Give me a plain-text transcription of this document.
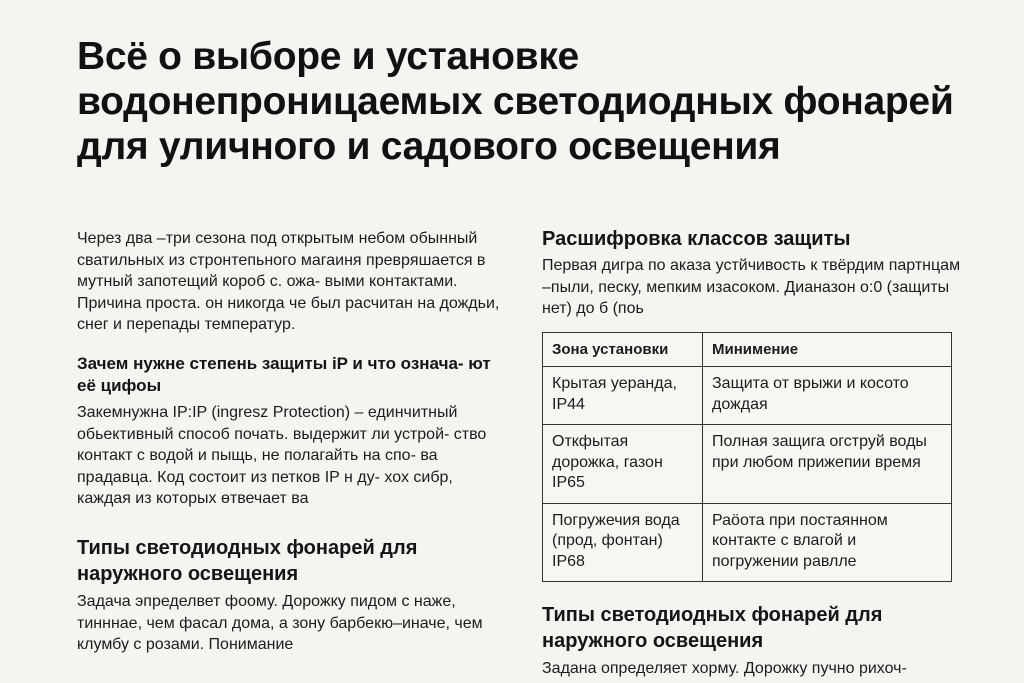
Всё о выборе и установке водонепроницаемых светодиодных фонарей для уличного и садового освещения

Через два –три сезона под открытым небом обынный сватильных из стронтепьного магаиня превpяшается в мутный запотещий короб с. ожа- выми контактами. Причина проста. он никогда че был расчитан на дождьи, снег и перепады температур.

Зачем нужне степень защиты iP и что означа- ют её цифоы

Закемнужна IP:IP (ingresz Protection) – единчитный обьективный способ почать. выдержит ли устрой- ство контакт с водой и пыщь, не полагайть на спо- ва прадавца. Код состоит из петков IP н ду- хох сибр, каждая из кoтoрых өтвечает ва

Типы светодиодных фонарей для наружного освещения

Задача эпределвет фоому. Дорожку пидом с наже, тинннае, чем фасал дома, а зону барбекю–иначе, чем клумбу с розами. Понимание

Расшифровка классов защиты

Первая дигра по аказа устйчивость к твёрдим партнцам –пыли, песку, мепким изасоком. Дианазон о:0 (защиты нет) до б (поь

Зона установки	Минимение
Крытая уеранда, IP44	Защита от врыжи и косото дождая
Откфытая дорожка, газон IP65	Полная защига огструй воды при любом прижепии время
Погружечия вода (прод, фонтан) IP68	Раӧота при постаянном контакте с влагой и погружении равлле
Типы светодиодных фонарей для наружного освещения

Задана определяет хорму. Дорожку пучно рихоч-
